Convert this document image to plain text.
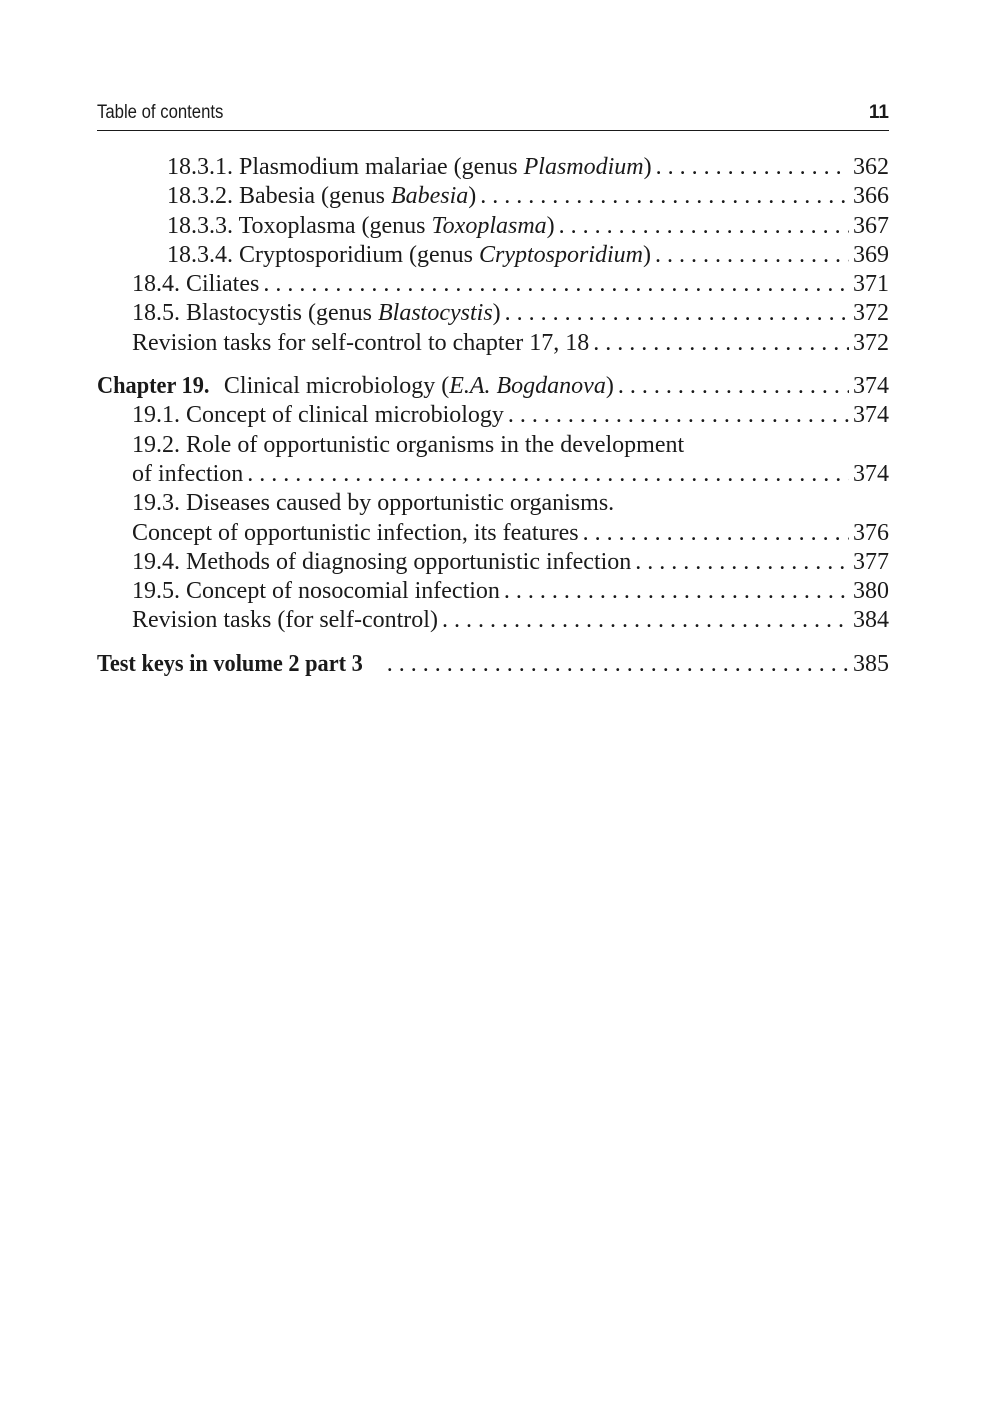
Table of contents	11
18.3.1. Plasmodium malariae (genus Plasmodium) . . .	362
18.3.2. Babesia (genus Babesia) . . .	366
18.3.3. Toxoplasma (genus Toxoplasma) . . .	367
18.3.4. Cryptosporidium (genus Cryptosporidium) . . .	369
18.4. Ciliates . . .	371
18.5. Blastocystis (genus Blastocystis) . . .	372
Revision tasks for self-control to chapter 17, 18 . . .	372
Chapter 19. Clinical microbiology (E.A. Bogdanova) . . .	374
19.1. Concept of clinical microbiology . . .	374
19.2. Role of opportunistic organisms in the development
of infection . . .	374
19.3. Diseases caused by opportunistic organisms.
Concept of opportunistic infection, its features . . .	376
19.4. Methods of diagnosing opportunistic infection . . .	377
19.5. Concept of nosocomial infection . . .	380
Revision tasks (for self-control) . . .	384
Test keys in volume 2 part 3 . . .	385
